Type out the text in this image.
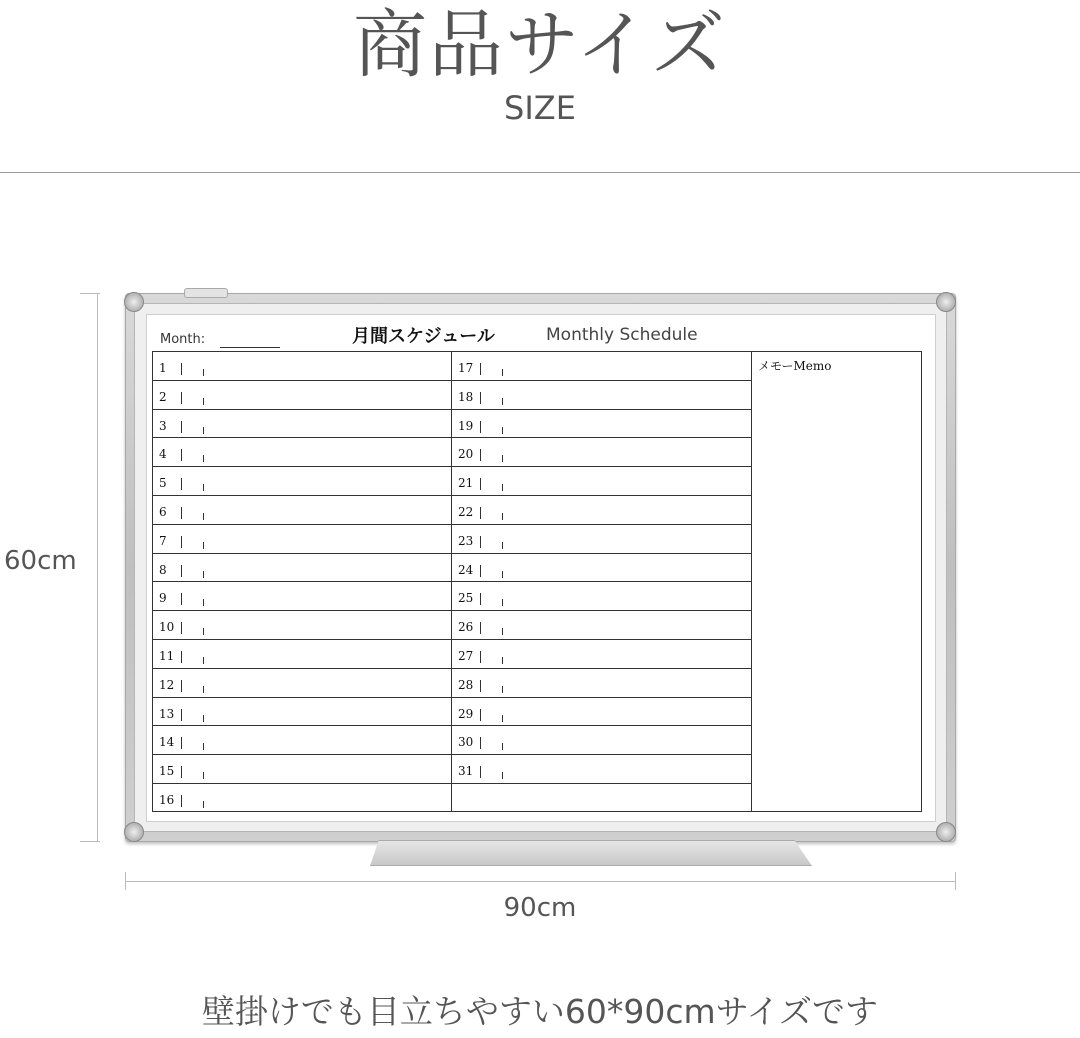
商品サイズ
SIZE
60cm
90cm
Month:	月間スケジュール	Monthly Schedule
メモーMemo
1
2
3
4
5
6
7
8
9
10
11
12
13
14
15
16
17
18
19
20
21
22
23
24
25
26
27
28
29
30
31
壁掛けでも目立ちやすい60*90cmサイズです
